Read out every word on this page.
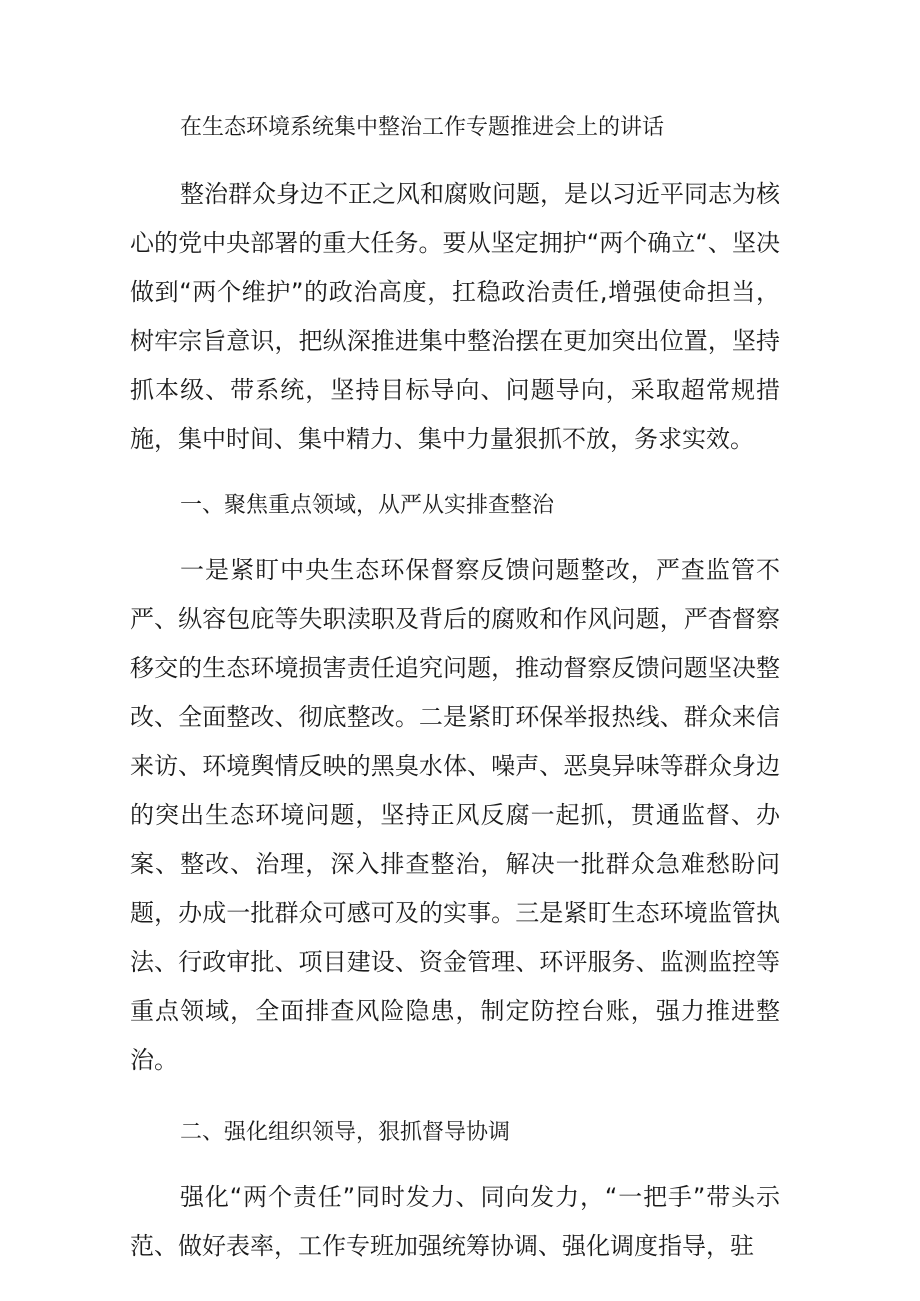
在生态环境系统集中整治工作专题推进会上的讲话

整治群众身边不正之风和腐败问题，是以习近平同志为核心的党中央部署的重大任务。要从坚定拥护“两个确立“、坚决做到“两个维护”的政治高度，扛稳政治责任,增强使命担当，树牢宗旨意识，把纵深推进集中整治摆在更加突出位置，坚持抓本级、带系统，坚持目标导向、问题导向，采取超常规措施，集中时间、集中精力、集中力量狠抓不放，务求实效。

一、聚焦重点领域，从严从实排查整治

一是紧盯中央生态环保督察反馈问题整改，严查监管不严、纵容包庇等失职渎职及背后的腐败和作风问题，严杳督察移交的生态环境损害责任追究问题，推动督察反馈问题坚决整改、全面整改、彻底整改。二是紧盯环保举报热线、群众来信来访、环境舆情反映的黑臭水体、噪声、恶臭异味等群众身边的突出生态环境问题，坚持正风反腐一起抓，贯通监督、办案、整改、治理，深入排查整治，解决一批群众急难愁盼问题，办成一批群众可感可及的实事。三是紧盯生态环境监管执法、行政审批、项目建设、资金管理、环评服务、监测监控等重点领域，全面排查风险隐患，制定防控台账，强力推进整治。

二、强化组织领导，狠抓督导协调

强化“两个责任”同时发力、同向发力，“一把手”带头示范、做好表率，工作专班加强统筹协调、强化调度指导，驻
